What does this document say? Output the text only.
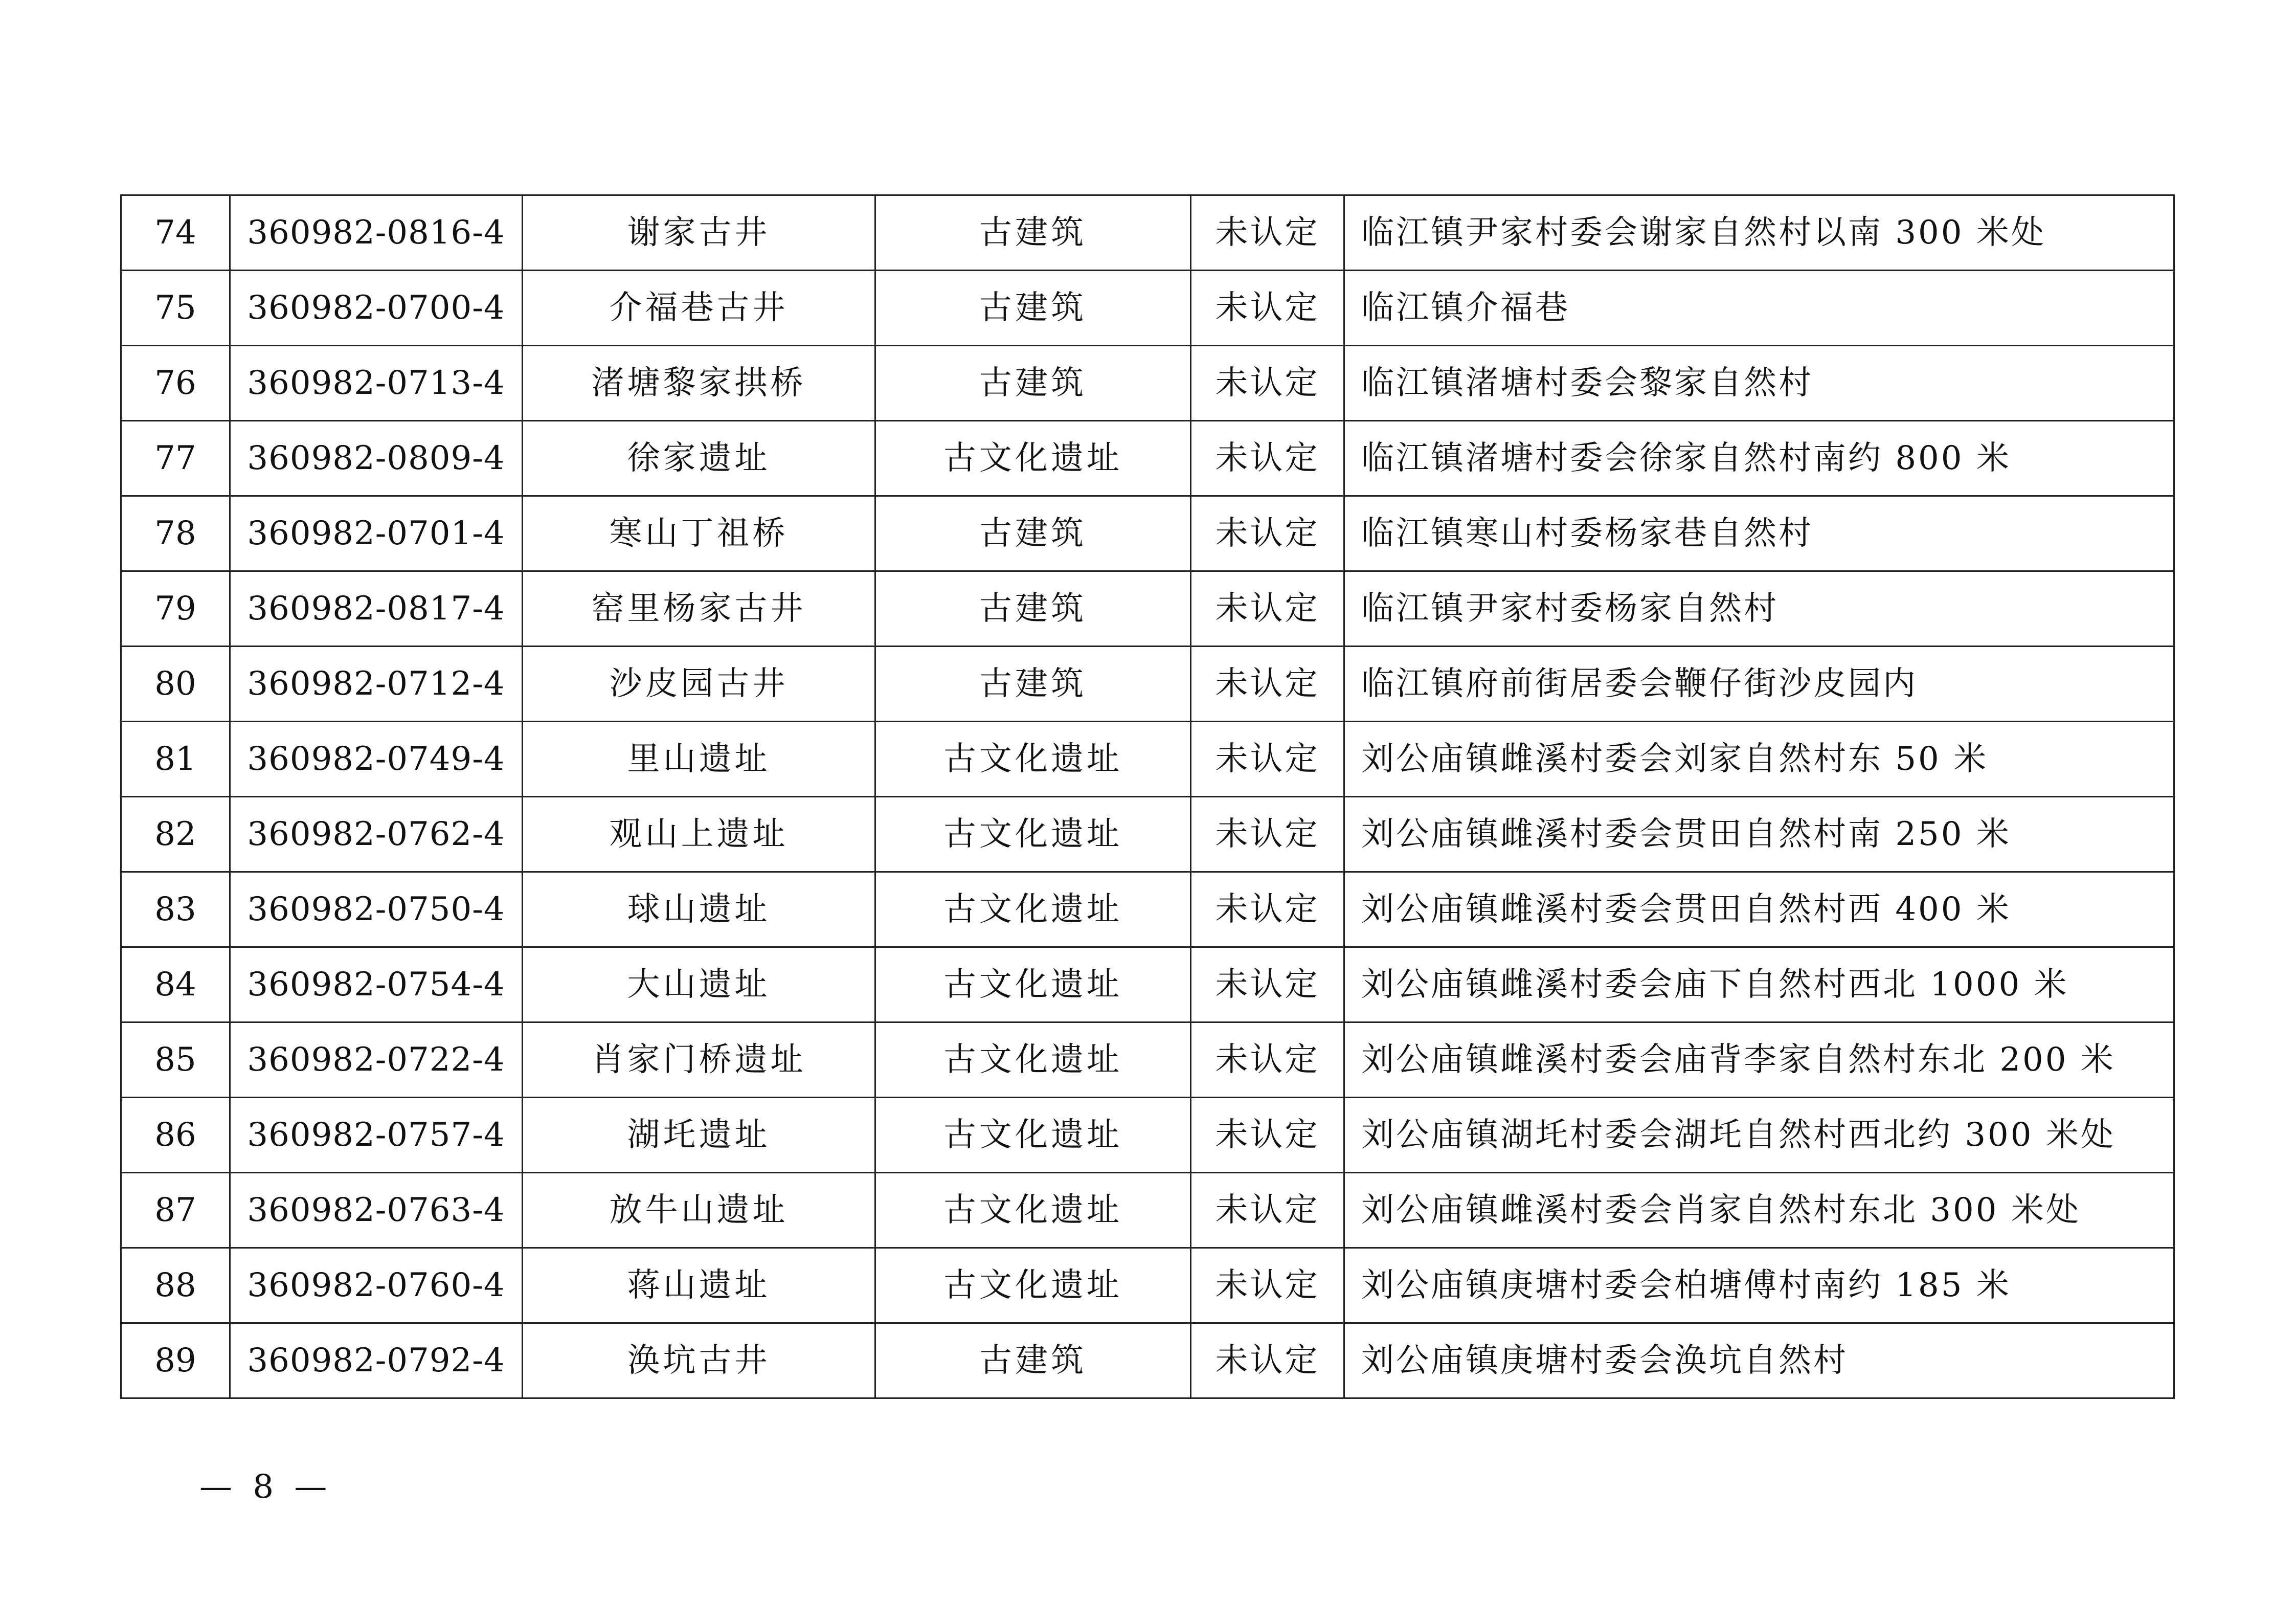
74	360982-0816-4	谢家古井	古建筑	未认定	临江镇尹家村委会谢家自然村以南 300 米处
75	360982-0700-4	介福巷古井	古建筑	未认定	临江镇介福巷
76	360982-0713-4	渚塘黎家拱桥	古建筑	未认定	临江镇渚塘村委会黎家自然村
77	360982-0809-4	徐家遗址	古文化遗址	未认定	临江镇渚塘村委会徐家自然村南约 800 米
78	360982-0701-4	寒山丁祖桥	古建筑	未认定	临江镇寒山村委杨家巷自然村
79	360982-0817-4	窑里杨家古井	古建筑	未认定	临江镇尹家村委杨家自然村
80	360982-0712-4	沙皮园古井	古建筑	未认定	临江镇府前街居委会鞭仔街沙皮园内
81	360982-0749-4	里山遗址	古文化遗址	未认定	刘公庙镇雌溪村委会刘家自然村东 50 米
82	360982-0762-4	观山上遗址	古文化遗址	未认定	刘公庙镇雌溪村委会贯田自然村南 250 米
83	360982-0750-4	球山遗址	古文化遗址	未认定	刘公庙镇雌溪村委会贯田自然村西 400 米
84	360982-0754-4	大山遗址	古文化遗址	未认定	刘公庙镇雌溪村委会庙下自然村西北 1000 米
85	360982-0722-4	肖家门桥遗址	古文化遗址	未认定	刘公庙镇雌溪村委会庙背李家自然村东北 200 米
86	360982-0757-4	湖圫遗址	古文化遗址	未认定	刘公庙镇湖圫村委会湖圫自然村西北约 300 米处
87	360982-0763-4	放牛山遗址	古文化遗址	未认定	刘公庙镇雌溪村委会肖家自然村东北 300 米处
88	360982-0760-4	蒋山遗址	古文化遗址	未认定	刘公庙镇庚塘村委会柏塘傅村南约 185 米
89	360982-0792-4	涣坑古井	古建筑	未认定	刘公庙镇庚塘村委会涣坑自然村
— 8 —
